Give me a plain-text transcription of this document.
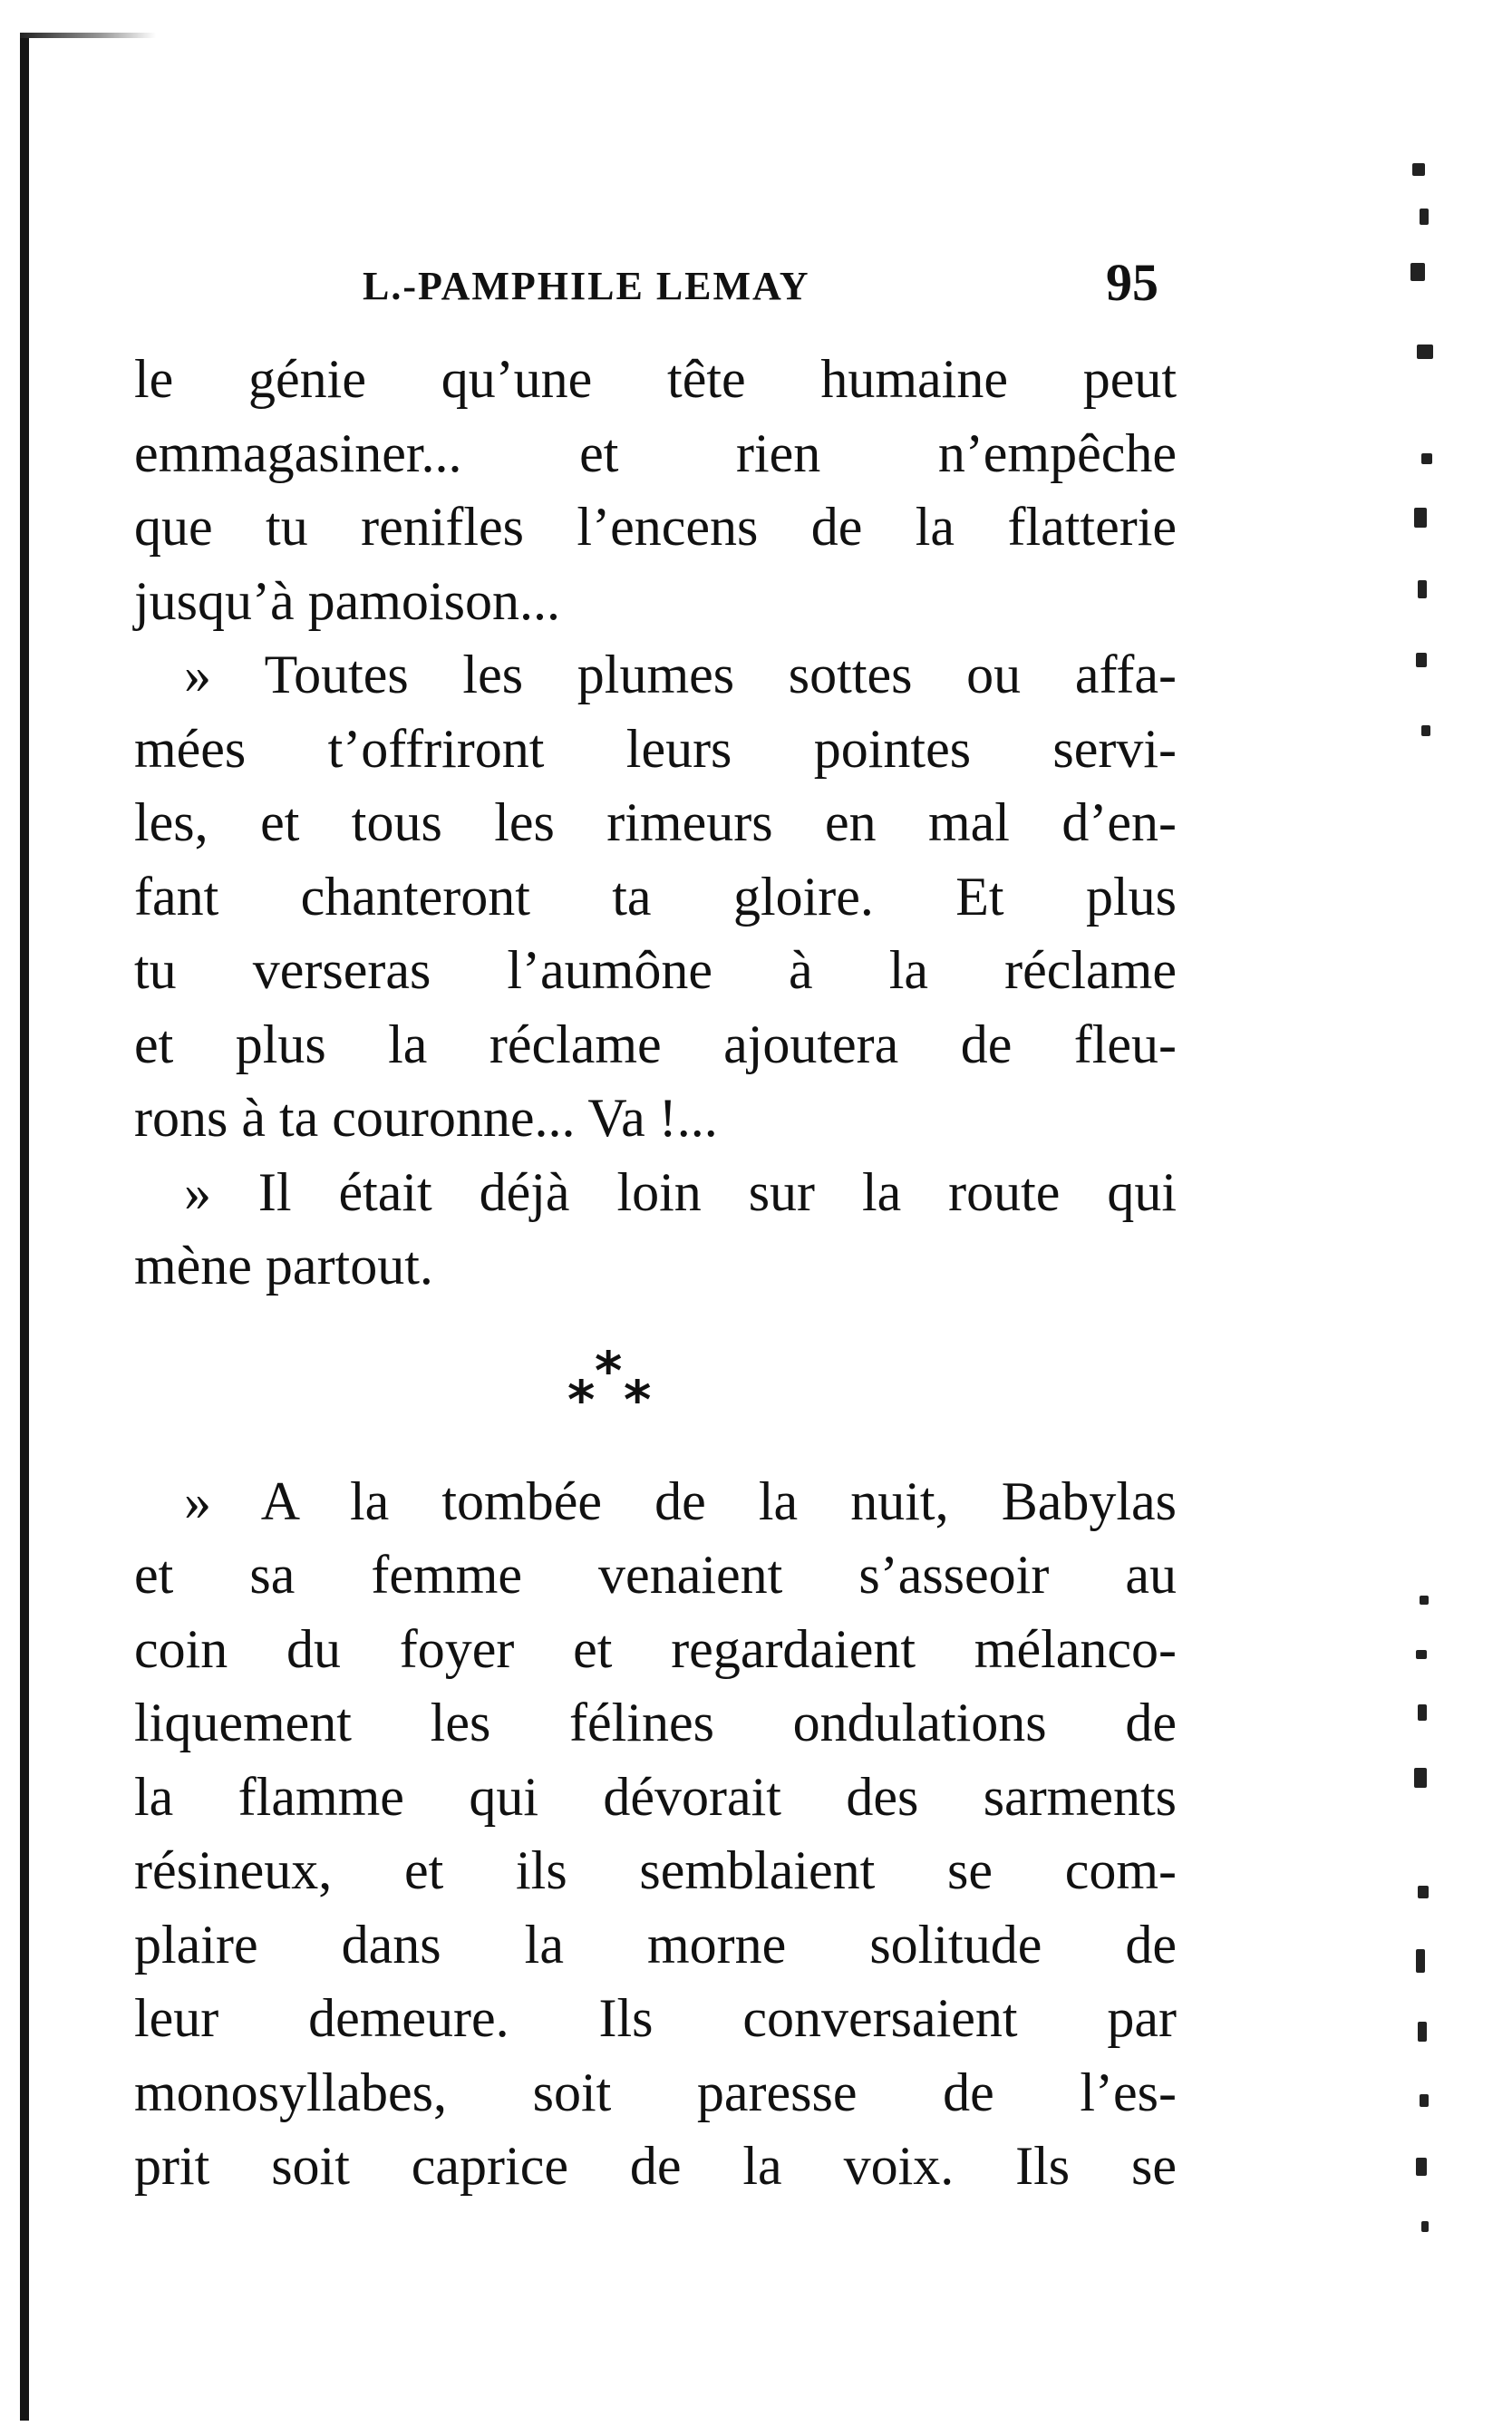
L.-PAMPHILE LEMAY	95
le génie qu’une tête humaine peut
emmagasiner... et rien n’empêche
que tu renifles l’encens de la flatterie
jusqu’à pamoison...
» Toutes les plumes sottes ou affa-
mées t’offriront leurs pointes servi-
les, et tous les rimeurs en mal d’en-
fant chanteront ta gloire. Et plus
tu verseras l’aumône à la réclame
et plus la réclame ajoutera de fleu-
rons à ta couronne... Va !...
» Il était déjà loin sur la route qui
mène partout.
*
* *
» A la tombée de la nuit, Babylas
et sa femme venaient s’asseoir au
coin du foyer et regardaient mélanco-
liquement les félines ondulations de
la flamme qui dévorait des sarments
résineux, et ils semblaient se com-
plaire dans la morne solitude de
leur demeure. Ils conversaient par
monosyllabes, soit paresse de l’es-
prit soit caprice de la voix. Ils se
